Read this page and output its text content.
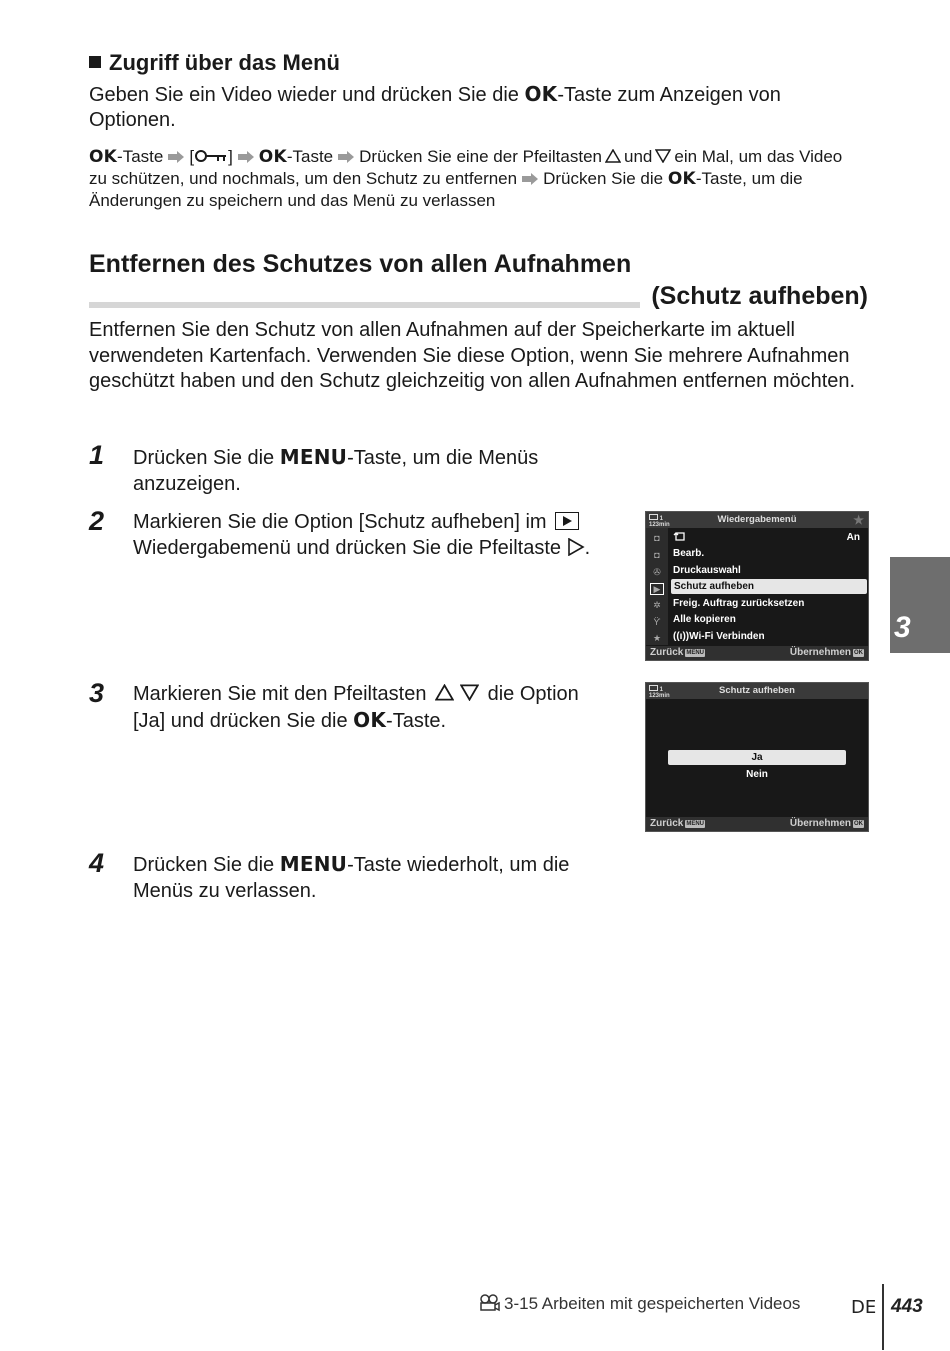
Zugriff über das Menü
Geben Sie ein Video wieder und drücken Sie die OK-Taste zum Anzeigen von Optionen.
OK-Taste [ ] OK-Taste Drücken Sie eine der Pfeiltasten und ein Mal, um das Video zu schützen, und nochmals, um den Schutz zu entfernen Drücken Sie die OK-Taste, um die Änderungen zu speichern und das Menü zu verlassen
Entfernen des Schutzes von allen Aufnahmen
(Schutz aufheben)
Entfernen Sie den Schutz von allen Aufnahmen auf der Speicherkarte im aktuell verwendeten Kartenfach. Verwenden Sie diese Option, wenn Sie mehrere Aufnahmen geschützt haben und den Schutz gleichzeitig von allen Aufnahmen entfernen möchten.
1 Drücken Sie die MENU-Taste, um die Menüs anzuzeigen.
2 Markieren Sie die Option [Schutz aufheben] im
Wiedergabemenü und drücken Sie die Pfeiltaste .
3 Markieren Sie mit den Pfeiltasten	die Option [Ja] und drücken Sie die OK-Taste.
4 Drücken Sie die MENU-Taste wiederholt, um die Menüs zu verlassen.
1
123min	Wiedergabemenü	★
◘
◘
✇
▶
✲
ϔ
★
An
Bearb.
Druckauswahl
Schutz aufheben
Freig. Auftrag zurücksetzen
Alle kopieren
((ı))Wi-Fi Verbinden
Zurück MENU	Übernehmen OK
1
123min	Schutz aufheben
Ja
Nein
Zurück MENU	Übernehmen OK
3
3-15 Arbeiten mit gespeicherten Videos	DE 443
